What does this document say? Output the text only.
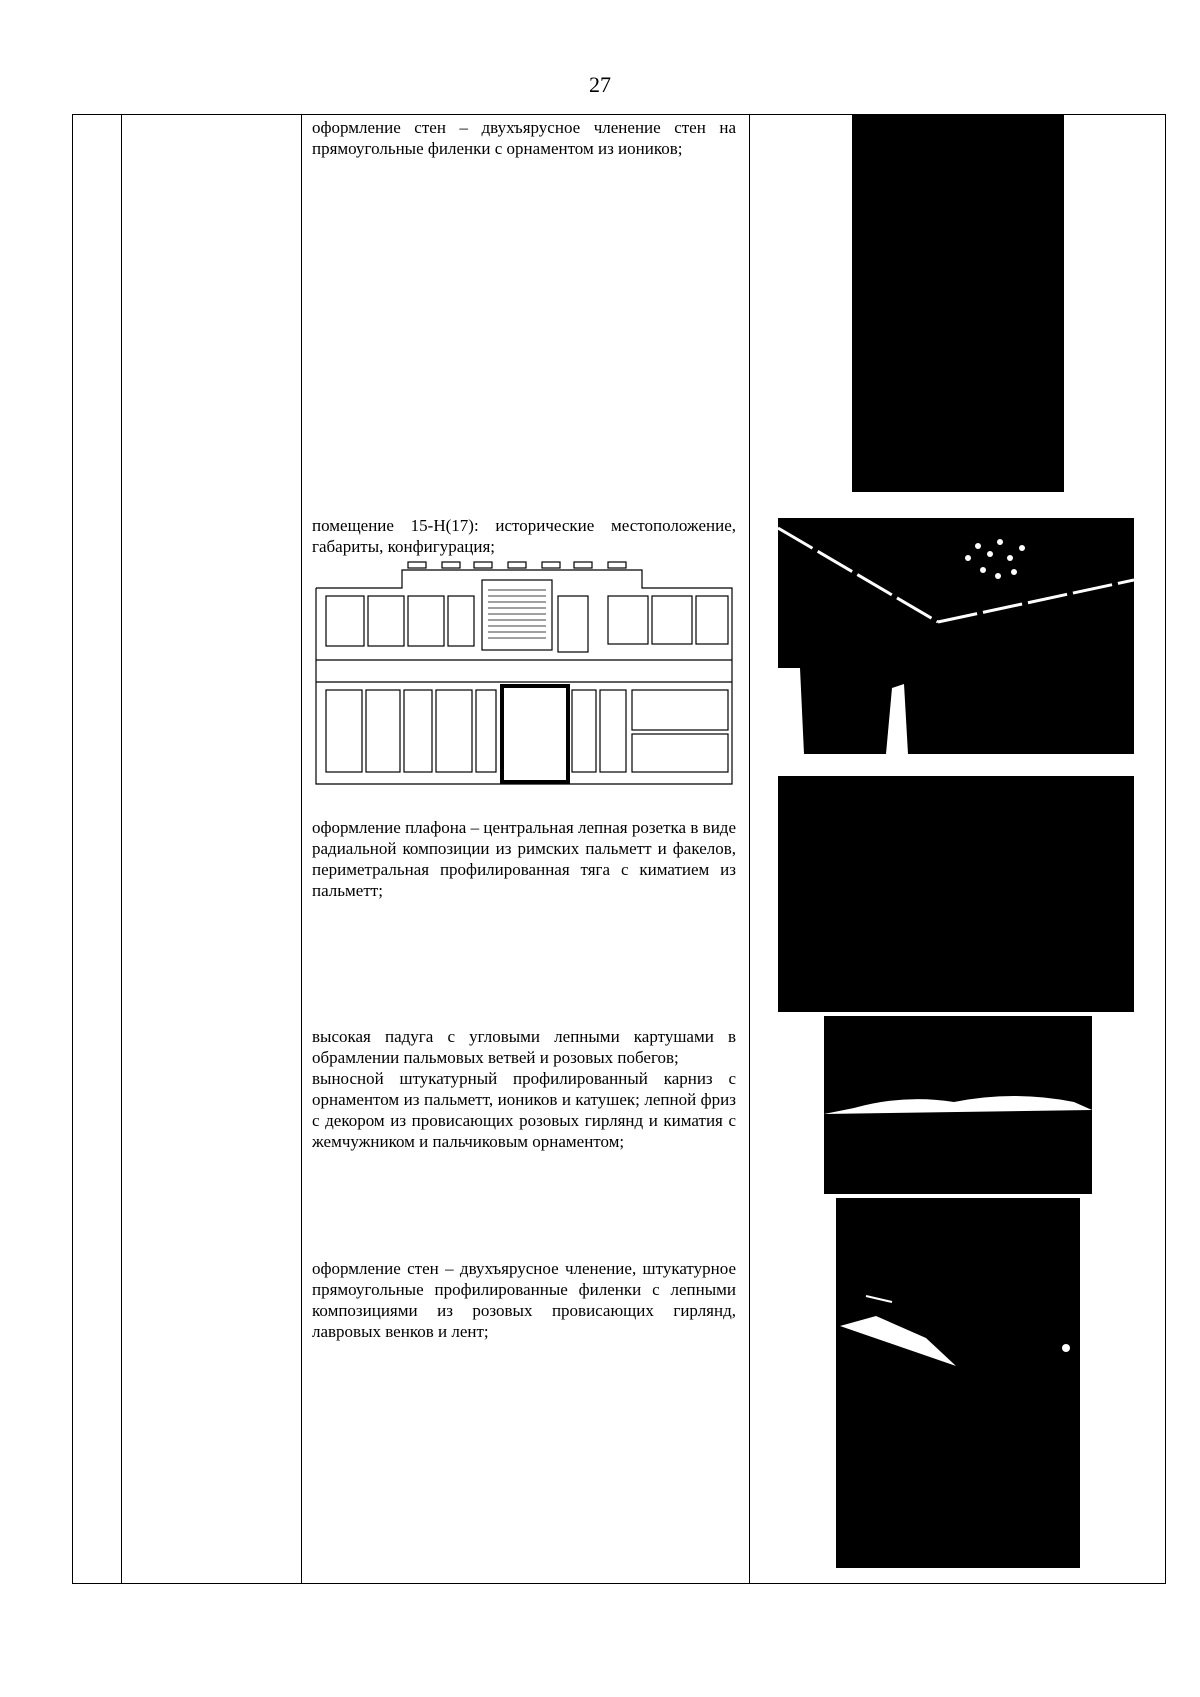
27

оформление стен – двухъярусное членение стен на прямоугольные филенки с орнаментом из иоников;

помещение 15-Н(17): исторические местоположение, габариты, конфигурация;

оформление плафона – центральная лепная розетка в виде радиальной композиции из римских пальметт и факелов, периметральная профилированная тяга с киматием из пальметт;

высокая падуга с угловыми лепными картушами в обрамлении пальмовых ветвей и розовых побегов;

выносной штукатурный профилированный карниз с орнаментом из пальметт, иоников и катушек; лепной фриз с декором из провисающих розовых гирлянд и киматия с жемчужником и пальчиковым орнаментом;

оформление стен – двухъярусное членение, штукатурное прямоугольные профилированные филенки с лепными композициями из розовых провисающих гирлянд, лавровых венков и лент;
